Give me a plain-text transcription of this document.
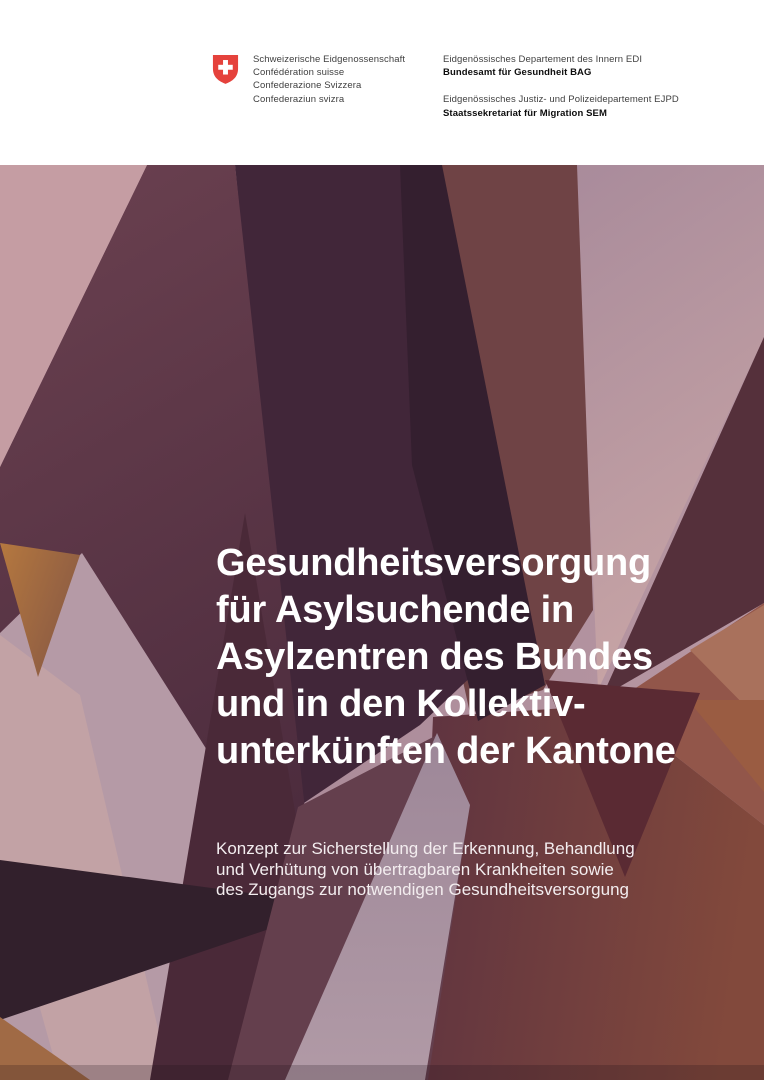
Schweizerische Eidgenossenschaft
Confédération suisse
Confederazione Svizzera
Confederaziun svizra
Eidgenössisches Departement des Innern EDI
Bundesamt für Gesundheit BAG
Eidgenössisches Justiz- und Polizeidepartement EJPD
Staatssekretariat für Migration SEM
Gesundheitsversorgung
für Asylsuchende in
Asylzentren des Bundes
und in den Kollektiv-
unterkünften der Kantone
Konzept zur Sicherstellung der Erkennung, Behandlung
und Verhütung von übertragbaren Krankheiten sowie
des Zugangs zur notwendigen Gesundheitsversorgung
